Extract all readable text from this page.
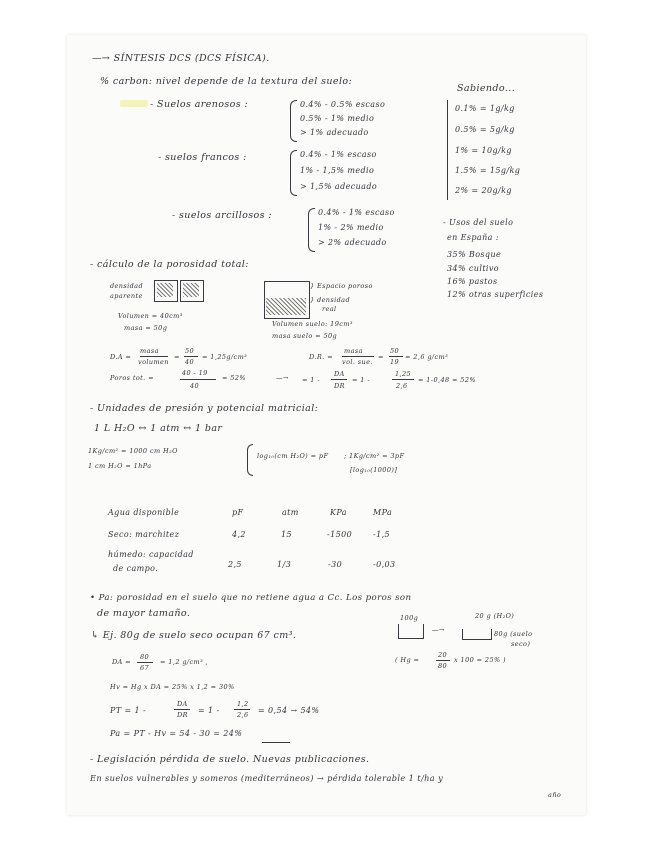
—→ SÍNTESIS DCS (DCS FÍSICA).
% carbon: nivel depende de la textura del suelo:
Sabiendo...
- Suelos arenosos :	0.4% - 0.5% escaso
0.5% - 1% medio
> 1% adecuado
- suelos francos :	0.4% - 1% escaso
1% - 1,5% medio
> 1,5% adecuado
0.1% = 1g/kg
0.5% = 5g/kg
1% = 10g/kg
1.5% = 15g/kg
2% = 20g/kg
- suelos arcillosos :	0.4% - 1% escaso
1% - 2% medio
> 2% adecuado
- Usos del suelo
en España :
35% Bosque
34% cultivo
16% pastos
12% otras superficies
- cálculo de la porosidad total:
densidad
aparente
Volumen = 40cm³
masa = 50g
} Espacio poroso
} densidad
real
Volumen suelo: 19cm³
masa suelo = 50g
D.A =
masa
volumen
=
50
40
= 1,25g/cm³	D.R. =
masa
vol. sue.
=
50
19
= 2,6 g/cm³
Poros tot. =
40 - 19
40
= 52%	—→ = 1 -
DA
DR
= 1 -
1,25
2,6
= 1-0,48 = 52%
- Unidades de presión y potencial matricial:
1 L H₂O ↔ 1 atm ↔ 1 bar
1Kg/cm² = 1000 cm H₂O
1 cm H₂O = 1hPa
log₁₀(cm H₂O) = pF ; 1Kg/cm² = 3pF
[log₁₀(1000)]
Agua disponible	pF	atm	KPa	MPa
Seco: marchitez	4,2	15	-1500	-1,5
húmedo: capacidad
de campo.	2,5	1/3	-30	-0,03
• Pa: porosidad en el suelo que no retiene agua a Cc. Los poros son
de mayor tamaño.
↳ Ej. 80g de suelo seco ocupan 67 cm³.
100g	20 g (H₂O)
—→	80g (suelo
seco)
DA =
80
67
= 1,2 g/cm³ ,	( Hg =
20
80
x 100 = 25% )
Hv = Hg x DA = 25% x 1,2 = 30%
PT = 1 -
DA
DR = 1 -
1,2
2,6 = 0,54 → 54%
Pa = PT - Hv = 54 - 30 = 24%
- Legislación pérdida de suelo. Nuevas publicaciones.
En suelos vulnerables y someros (mediterráneos) → pérdida tolerable 1 t/ha y
año
